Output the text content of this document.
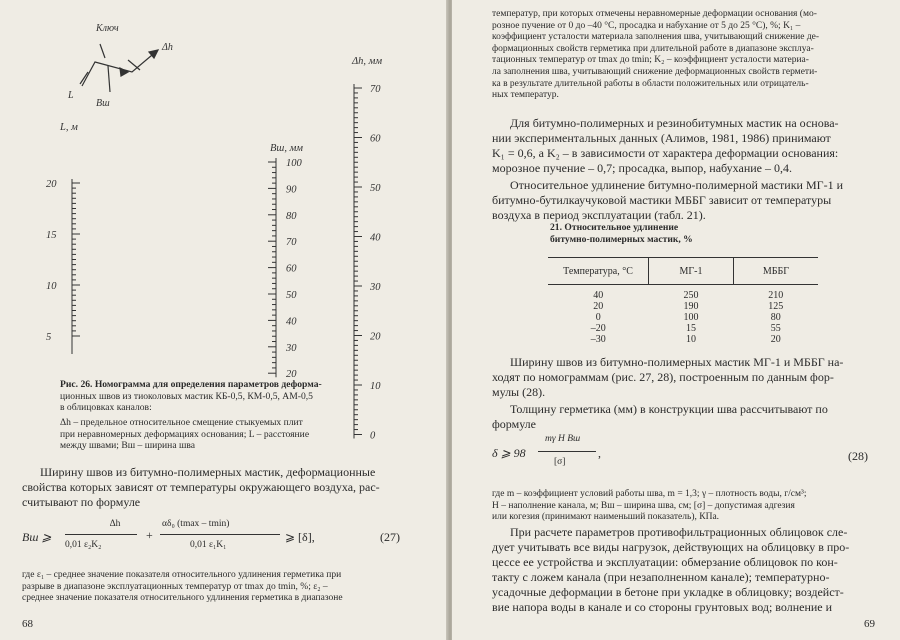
Ключ
Δh
L
Bш
L, м
20
15
10
5
Bш, мм
100
90
80
70
60
50
40
30
20
Δh, мм
70
60
50
40
30
20
10
0
Рис. 26. Номограмма для определения параметров деформа-
ционных швов из тиоколовых мастик КБ-0,5, КМ-0,5, АМ-0,5
в облицовках каналов:
Δh – предельное относительное смещение стыкуемых плит
при неравномерных деформациях основания; L – расстояние
между швами; Bш – ширина шва
Ширину швов из битумно-полимерных мастик, деформационные
свойства которых зависят от температуры окружающего воздуха, рас-
считывают по формуле
Bш ⩾
Δh
0,01 ε₂K₂
+
αδ₀ (tmax – tmin)
0,01 ε₁K₁
⩾ [δ],	(27)
где ε₁ – среднее значение показателя относительного удлинения герметика при
разрыве в диапазоне эксплуатационных температур от tmax до tmin, %; ε₂ –
среднее значение показателя относительного удлинения герметика в диапазоне
68
температур, при которых отмечены неравномерные деформации основания (мо-
розное пучение от 0 до –40 °С, просадка и набухание от 5 до 25 °С), %; K₁ –
коэффициент усталости материала заполнения шва, учитывающий снижение де-
формационных свойств герметика при длительной работе в диапазоне эксплуа-
тационных температур от tmax до tmin; K₂ – коэффициент усталости материа-
ла заполнения шва, учитывающий снижение деформационных свойств гермети-
ка в результате длительной работы в области положительных или отрицатель-
ных температур.
Для битумно-полимерных и резинобитумных мастик на основа-
нии экспериментальных данных (Алимов, 1981, 1986) принимают
K₁ = 0,6, а K₂ – в зависимости от характера деформации основания:
морозное пучение – 0,7; просадка, выпор, набухание – 0,4.
Относительное удлинение битумно-полимерной мастики МГ-1 и
битумно-бутилкаучуковой мастики МББГ зависит от температуры
воздуха в период эксплуатации (табл. 21).
21. Относительное удлинение
битумно-полимерных мастик, %
Температура, °С	МГ-1	МББГ
40	250	210
20	190	125
0	100	80
–20	15	55
–30	10	20
Ширину швов из битумно-полимерных мастик МГ-1 и МББГ на-
ходят по номограммам (рис. 27, 28), построенным по данным фор-
мулы (28).
Толщину герметика (мм) в конструкции шва рассчитывают по
формуле
δ ⩾ 98
mγ H Bш
[σ]
,	(28)
где m – коэффициент условий работы шва, m = 1,3; γ – плотность воды, г/см³;
H – наполнение канала, м; Bш – ширина шва, см; [σ] – допустимая адгезия
или когезия (принимают наименьший показатель), КПа.
При расчете параметров противофильтрационных облицовок сле-
дует учитывать все виды нагрузок, действующих на облицовку в про-
цессе ее устройства и эксплуатации: обмерзание облицовок по кон-
такту с ложем канала (при незаполненном канале); температурно-
усадочные деформации в бетоне при укладке в облицовку; воздейст-
вие напора воды в канале и со стороны грунтовых вод; волнение и
69
